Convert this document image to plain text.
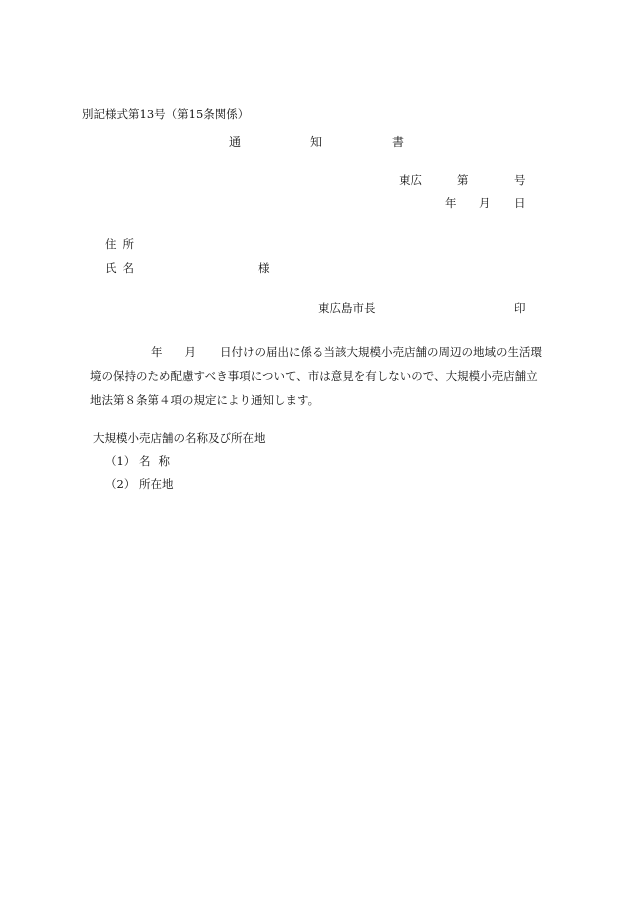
別記様式第13号（第15条関係）
通	知	書
東広	第	号
年 月 日
住所
氏名	様
東広島市長	印
年 月 日付けの届出に係る当該大規模小売店舗の周辺の地域の生活環
境の保持のため配慮すべき事項について、市は意見を有しないので、大規模小売店舗立
地法第８条第４項の規定により通知します。
大規模小売店舗の名称及び所在地
（1） 名称
（2） 所在地
